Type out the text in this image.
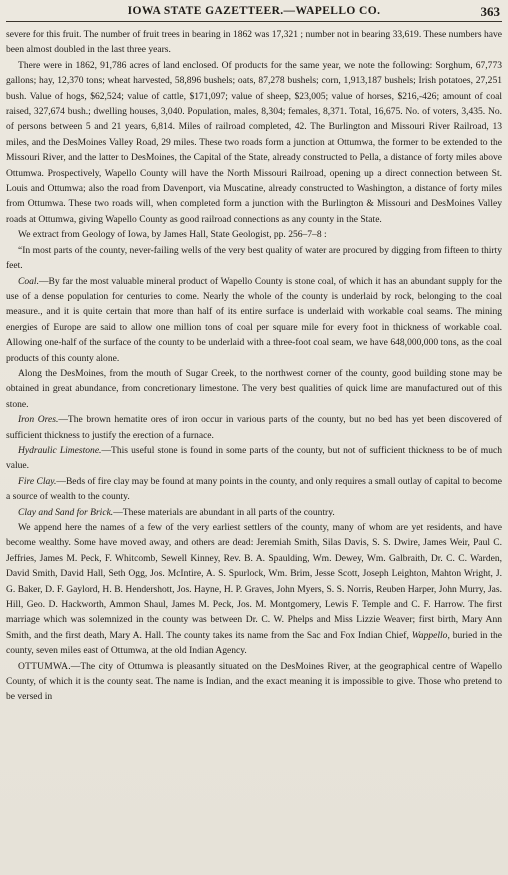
IOWA STATE GAZETTEER.—WAPELLO CO.	363

severe for this fruit. The number of fruit trees in bearing in 1862 was 17,321 ; number not in bearing 33,619. These numbers have been almost doubled in the last three years.

There were in 1862, 91,786 acres of land enclosed. Of products for the same year, we note the following: Sorghum, 67,773 gallons; hay, 12,370 tons; wheat harvested, 58,896 bushels; oats, 87,278 bushels; corn, 1,913,187 bushels; Irish potatoes, 27,251 bush. Value of hogs, $62,524; value of cattle, $171,097; value of sheep, $23,005; value of horses, $216,-426; amount of coal raised, 327,674 bush.; dwelling houses, 3,040. Population, males, 8,304; females, 8,371. Total, 16,675. No. of voters, 3,435. No. of persons between 5 and 21 years, 6,814. Miles of railroad completed, 42. The Burlington and Missouri River Railroad, 13 miles, and the DesMoines Valley Road, 29 miles. These two roads form a junction at Ottumwa, the former to be extended to the Missouri River, and the latter to DesMoines, the Capital of the State, already constructed to Pella, a distance of forty miles above Ottumwa. Prospectively, Wapello County will have the North Missouri Railroad, opening up a direct connection between St. Louis and Ottumwa; also the road from Davenport, via Muscatine, already constructed to Washington, a distance of forty miles from Ottumwa. These two roads will, when completed form a junction with the Burlington & Missouri and DesMoines Valley roads at Ottumwa, giving Wapello County as good railroad connections as any county in the State.

We extract from Geology of Iowa, by James Hall, State Geologist, pp. 256–7–8 :

“In most parts of the county, never-failing wells of the very best quality of water are procured by digging from fifteen to thirty feet.

Coal.—By far the most valuable mineral product of Wapello County is stone coal, of which it has an abundant supply for the use of a dense population for centuries to come. Nearly the whole of the county is underlaid by rock, belonging to the coal measure., and it is quite certain that more than half of its entire surface is underlaid with workable coal seams. The mining energies of Europe are said to allow one million tons of coal per square mile for every foot in thickness of workable coal. Allowing one-half of the surface of the county to be underlaid with a three-foot coal seam, we have 648,000,000 tons, as the coal products of this county alone.

Along the DesMoines, from the mouth of Sugar Creek, to the northwest corner of the county, good building stone may be obtained in great abundance, from concretionary limestone. The very best qualities of quick lime are manufactured out of this stone.

Iron Ores.—The brown hematite ores of iron occur in various parts of the county, but no bed has yet been discovered of sufficient thickness to justify the erection of a furnace.

Hydraulic Limestone.—This useful stone is found in some parts of the county, but not of sufficient thickness to be of much value.

Fire Clay.—Beds of fire clay may be found at many points in the county, and only requires a small outlay of capital to become a source of wealth to the county.

Clay and Sand for Brick.—These materials are abundant in all parts of the country.

We append here the names of a few of the very earliest settlers of the county, many of whom are yet residents, and have become wealthy. Some have moved away, and others are dead: Jeremiah Smith, Silas Davis, S. S. Dwire, James Weir, Paul C. Jeffries, James M. Peck, F. Whitcomb, Sewell Kinney, Rev. B. A. Spaulding, Wm. Dewey, Wm. Galbraith, Dr. C. C. Warden, David Smith, David Hall, Seth Ogg, Jos. McIntire, A. S. Spurlock, Wm. Brim, Jesse Scott, Joseph Leighton, Mahton Wright, J. G. Baker, D. F. Gaylord, H. B. Hendershott, Jos. Hayne, H. P. Graves, John Myers, S. S. Norris, Reuben Harper, John Murry, Jas. Hill, Geo. D. Hackworth, Ammon Shaul, James M. Peck, Jos. M. Montgomery, Lewis F. Temple and C. F. Harrow. The first marriage which was solemnized in the county was between Dr. C. W. Phelps and Miss Lizzie Weaver; first birth, Mary Ann Smith, and the first death, Mary A. Hall. The county takes its name from the Sac and Fox Indian Chief, Wappello, buried in the county, seven miles east of Ottumwa, at the old Indian Agency.

OTTUMWA.—The city of Ottumwa is pleasantly situated on the DesMoines River, at the geographical centre of Wapello County, of which it is the county seat. The name is Indian, and the exact meaning it is impossible to give. Those who pretend to be versed in
